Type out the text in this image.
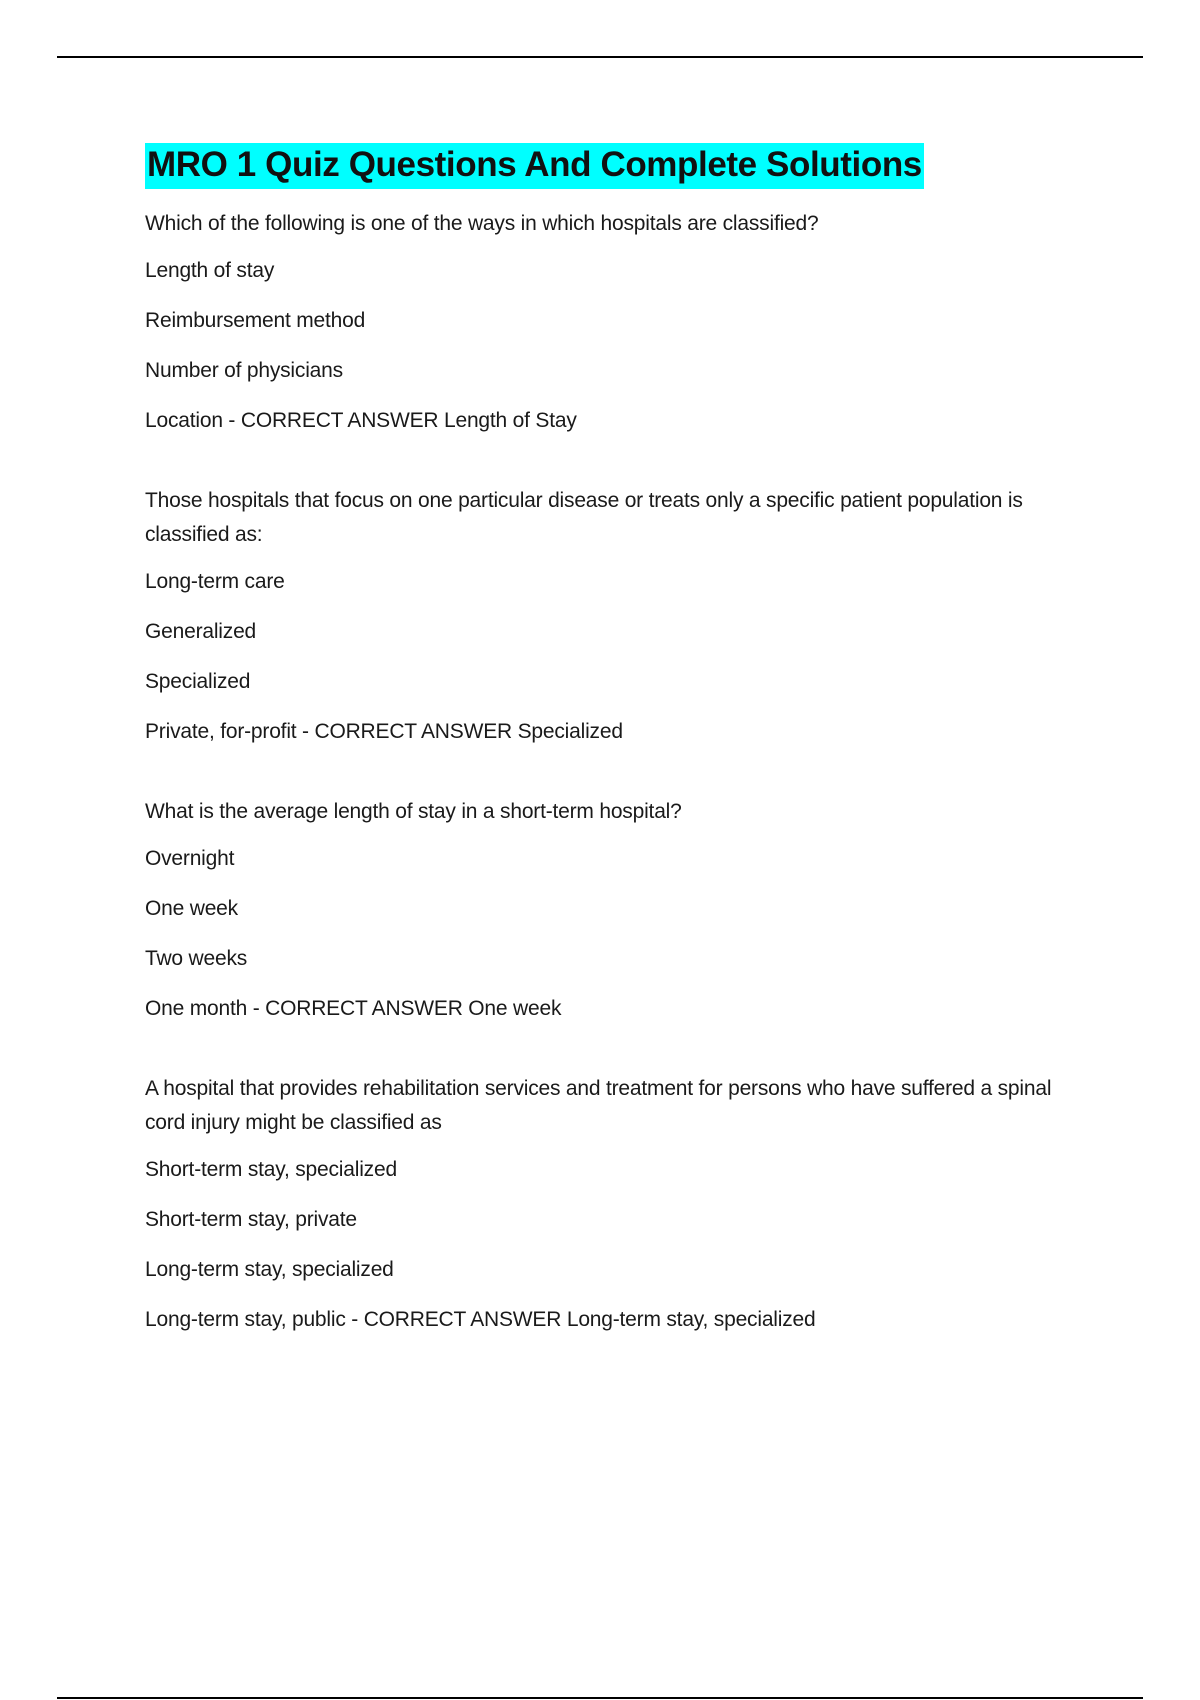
MRO 1 Quiz Questions And Complete Solutions
Which of the following is one of the ways in which hospitals are classified?
Length of stay
Reimbursement method
Number of physicians
Location - CORRECT ANSWER Length of Stay
Those hospitals that focus on one particular disease or treats only a specific patient population is classified as:
Long-term care
Generalized
Specialized
Private, for-profit - CORRECT ANSWER Specialized
What is the average length of stay in a short-term hospital?
Overnight
One week
Two weeks
One month - CORRECT ANSWER One week
A hospital that provides rehabilitation services and treatment for persons who have suffered a spinal cord injury might be classified as
Short-term stay, specialized
Short-term stay, private
Long-term stay, specialized
Long-term stay, public - CORRECT ANSWER Long-term stay, specialized
